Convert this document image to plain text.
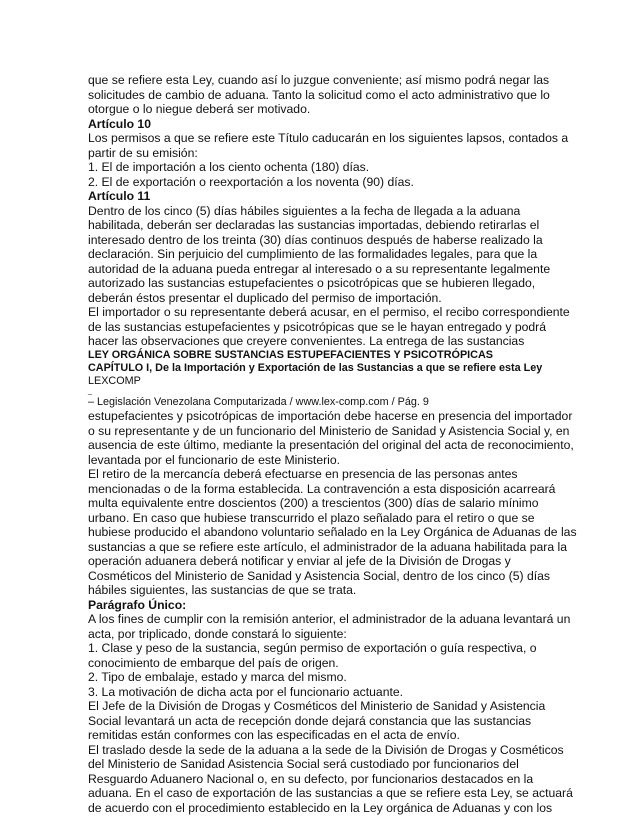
que se refiere esta Ley, cuando así lo juzgue conveniente; así mismo podrá negar las
solicitudes de cambio de aduana. Tanto la solicitud como el acto administrativo que lo
otorgue o lo niegue deberá ser motivado.
Artículo 10
Los permisos a que se refiere este Título caducarán en los siguientes lapsos, contados a
partir de su emisión:
1. El de importación a los ciento ochenta (180) días.
2. El de exportación o reexportación a los noventa (90) días.
Artículo 11
Dentro de los cinco (5) días hábiles siguientes a la fecha de llegada a la aduana
habilitada, deberán ser declaradas las sustancias importadas, debiendo retirarlas el
interesado dentro de los treinta (30) días continuos después de haberse realizado la
declaración. Sin perjuicio del cumplimiento de las formalidades legales, para que la
autoridad de la aduana pueda entregar al interesado o a su representante legalmente
autorizado las sustancias estupefacientes o psicotrópicas que se hubieren llegado,
deberán éstos presentar el duplicado del permiso de importación.
El importador o su representante deberá acusar, en el permiso, el recibo correspondiente
de las sustancias estupefacientes y psicotrópicas que se le hayan entregado y podrá
hacer las observaciones que creyere convenientes. La entrega de las sustancias
LEY ORGÁNICA SOBRE SUSTANCIAS ESTUPEFACIENTES Y PSICOTRÓPICAS
CAPÍTULO I, De la Importación y Exportación de las Sustancias a que se refiere esta Ley
LEXCOMP
_
– Legislación Venezolana Computarizada / www.lex-comp.com / Pág. 9
estupefacientes y psicotrópicas de importación debe hacerse en presencia del importador
o su representante y de un funcionario del Ministerio de Sanidad y Asistencia Social y, en
ausencia de este último, mediante la presentación del original del acta de reconocimiento,
levantada por el funcionario de este Ministerio.
El retiro de la mercancía deberá efectuarse en presencia de las personas antes
mencionadas o de la forma establecida. La contravención a esta disposición acarreará
multa equivalente entre doscientos (200) a trescientos (300) días de salario mínimo
urbano. En caso que hubiese transcurrido el plazo señalado para el retiro o que se
hubiese producido el abandono voluntario señalado en la Ley Orgánica de Aduanas de las
sustancias a que se refiere este artículo, el administrador de la aduana habilitada para la
operación aduanera deberá notificar y enviar al jefe de la División de Drogas y
Cosméticos del Ministerio de Sanidad y Asistencia Social, dentro de los cinco (5) días
hábiles siguientes, las sustancias de que se trata.
Parágrafo Único:
A los fines de cumplir con la remisión anterior, el administrador de la aduana levantará un
acta, por triplicado, donde constará lo siguiente:
1. Clase y peso de la sustancia, según permiso de exportación o guía respectiva, o
conocimiento de embarque del país de origen.
2. Tipo de embalaje, estado y marca del mismo.
3. La motivación de dicha acta por el funcionario actuante.
El Jefe de la División de Drogas y Cosméticos del Ministerio de Sanidad y Asistencia
Social levantará un acta de recepción donde dejará constancia que las sustancias
remitidas están conformes con las especificadas en el acta de envío.
El traslado desde la sede de la aduana a la sede de la División de Drogas y Cosméticos
del Ministerio de Sanidad Asistencia Social será custodiado por funcionarios del
Resguardo Aduanero Nacional o, en su defecto, por funcionarios destacados en la
aduana. En el caso de exportación de las sustancias a que se refiere esta Ley, se actuará
de acuerdo con el procedimiento establecido en la Ley orgánica de Aduanas y con los
